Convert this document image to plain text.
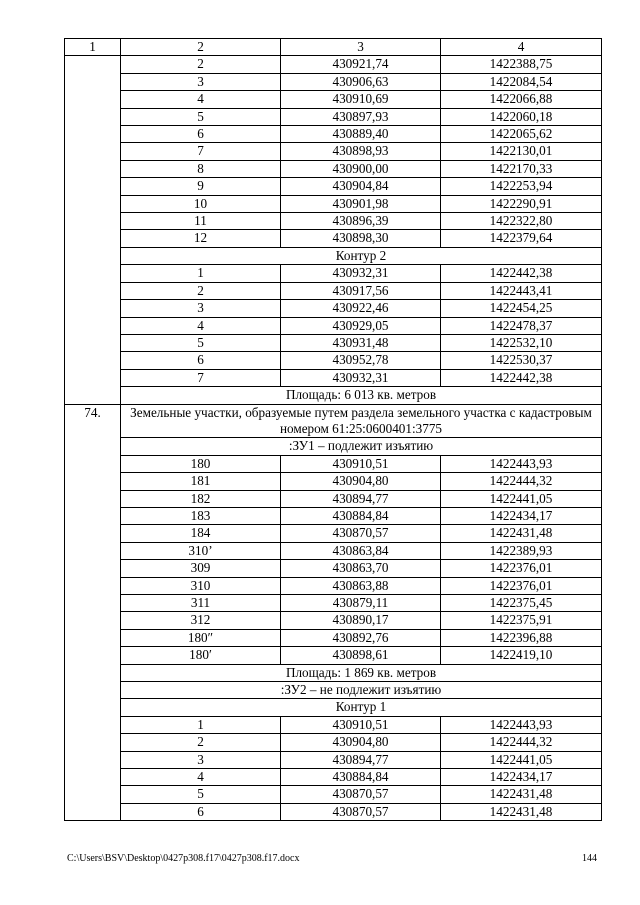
1	2	3	4
	2	430921,74	1422388,75
	3	430906,63	1422084,54
	4	430910,69	1422066,88
	5	430897,93	1422060,18
	6	430889,40	1422065,62
	7	430898,93	1422130,01
	8	430900,00	1422170,33
	9	430904,84	1422253,94
	10	430901,98	1422290,91
	11	430896,39	1422322,80
	12	430898,30	1422379,64
	Контур 2		
	1	430932,31	1422442,38
	2	430917,56	1422443,41
	3	430922,46	1422454,25
	4	430929,05	1422478,37
	5	430931,48	1422532,10
	6	430952,78	1422530,37
	7	430932,31	1422442,38
	Площадь: 6 013 кв. метров		
74.	Земельные участки, образуемые путем раздела земельного участка с кадастровым номером 61:25:0600401:3775		
	:ЗУ1 – подлежит изъятию		
	180	430910,51	1422443,93
	181	430904,80	1422444,32
	182	430894,77	1422441,05
	183	430884,84	1422434,17
	184	430870,57	1422431,48
	310’	430863,84	1422389,93
	309	430863,70	1422376,01
	310	430863,88	1422376,01
	311	430879,11	1422375,45
	312	430890,17	1422375,91
	180″	430892,76	1422396,88
	180′	430898,61	1422419,10
	Площадь: 1 869 кв. метров		
	:ЗУ2 – не подлежит изъятию		
	Контур 1		
	1	430910,51	1422443,93
	2	430904,80	1422444,32
	3	430894,77	1422441,05
	4	430884,84	1422434,17
	5	430870,57	1422431,48
	6	430870,57	1422431,48
C:\Users\BSV\Desktop\0427p308.f17\0427p308.f17.docx	144
